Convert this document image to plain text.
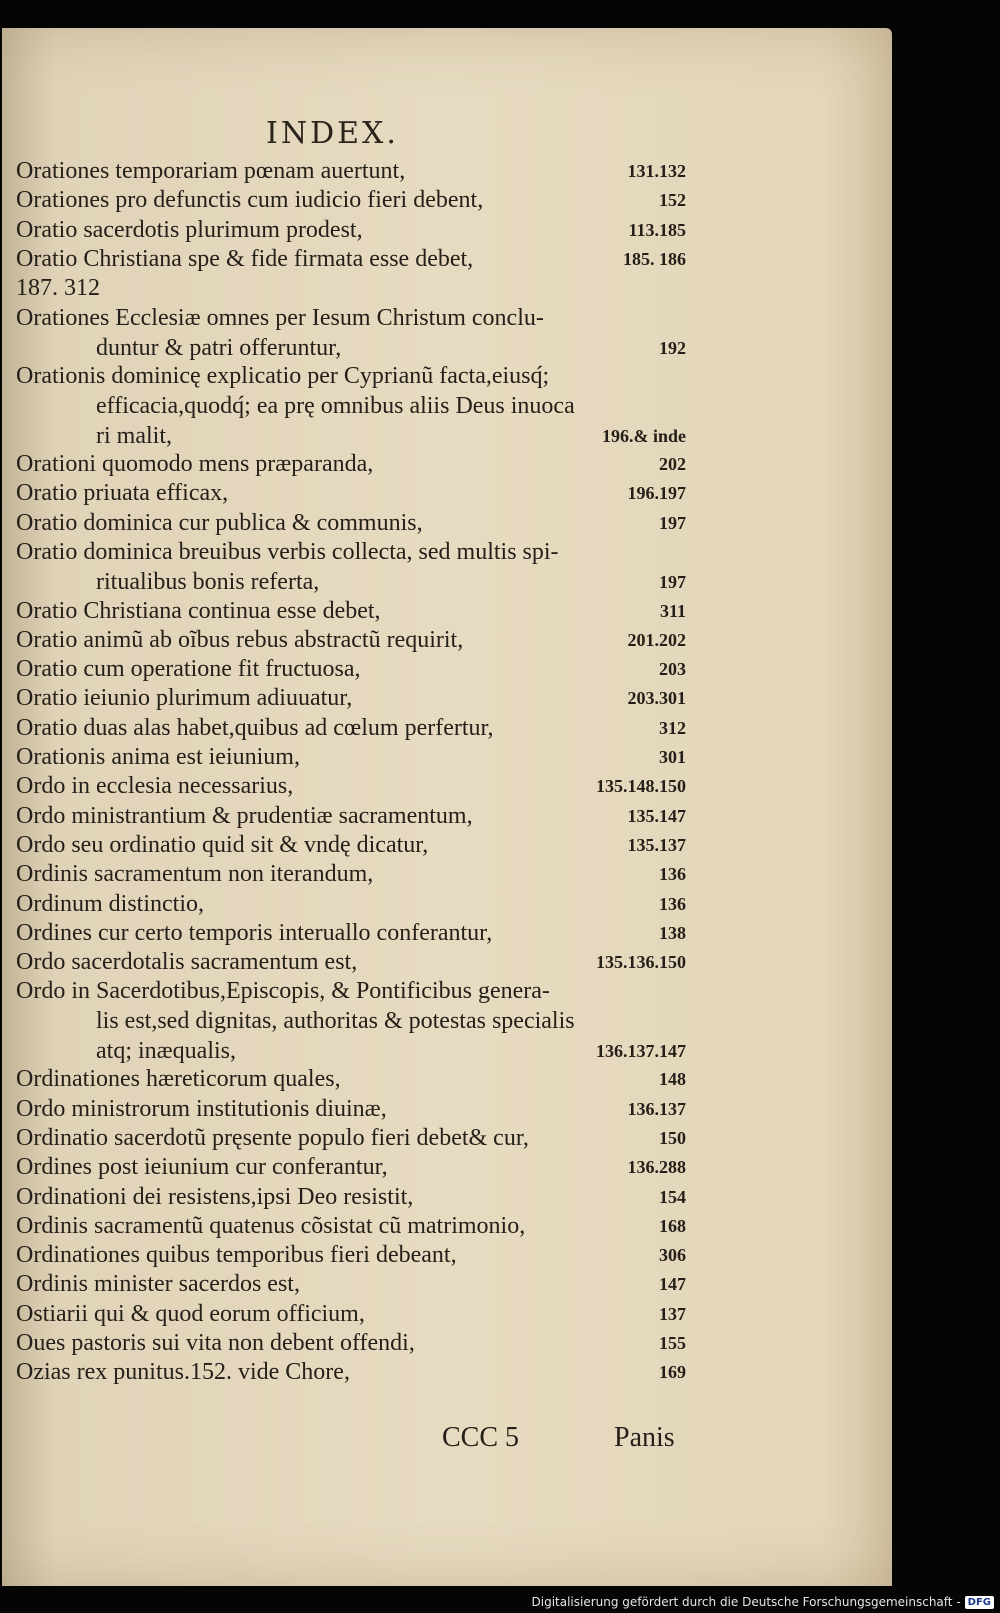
INDEX.
Orationes temporariam pœnam auertunt,	131.132
Orationes pro defunctis cum iudicio fieri debent,	152
Oratio sacerdotis plurimum prodest,	113.185
Oratio Christiana spe & fide firmata esse debet,	185. 186
187. 312
Orationes Ecclesiæ omnes per Iesum Christum conclu-
duntur & patri offeruntur,	192
Orationis dominicę explicatio per Cyprianũ facta,eiusq́;
efficacia,quodq́; ea prę omnibus aliis Deus inuoca
ri malit,	196.& inde
Orationi quomodo mens præparanda,	202
Oratio priuata efficax,	196.197
Oratio dominica cur publica & communis,	197
Oratio dominica breuibus verbis collecta, sed multis spi-
ritualibus bonis referta,	197
Oratio Christiana continua esse debet,	311
Oratio animũ ab oĩbus rebus abstractũ requirit,	201.202
Oratio cum operatione fit fructuosa,	203
Oratio ieiunio plurimum adiuuatur,	203.301
Oratio duas alas habet,quibus ad cœlum perfertur,	312
Orationis anima est ieiunium,	301
Ordo in ecclesia necessarius,	135.148.150
Ordo ministrantium & prudentiæ sacramentum,	135.147
Ordo seu ordinatio quid sit & vndę dicatur,	135.137
Ordinis sacramentum non iterandum,	136
Ordinum distinctio,	136
Ordines cur certo temporis interuallo conferantur,	138
Ordo sacerdotalis sacramentum est,	135.136.150
Ordo in Sacerdotibus,Episcopis, & Pontificibus genera-
lis est,sed dignitas, authoritas & potestas specialis
atq; inæqualis,	136.137.147
Ordinationes hæreticorum quales,	148
Ordo ministrorum institutionis diuinæ,	136.137
Ordinatio sacerdotũ pręsente populo fieri debet& cur,	150
Ordines post ieiunium cur conferantur,	136.288
Ordinationi dei resistens,ipsi Deo resistit,	154
Ordinis sacramentũ quatenus cõsistat cũ matrimonio,	168
Ordinationes quibus temporibus fieri debeant,	306
Ordinis minister sacerdos est,	147
Ostiarii qui & quod eorum officium,	137
Oues pastoris sui vita non debent offendi,	155
Ozias rex punitus.152. vide Chore,	169
CCC 5	Panis
Digitalisierung gefördert durch die Deutsche Forschungsgemeinschaft - DFG
